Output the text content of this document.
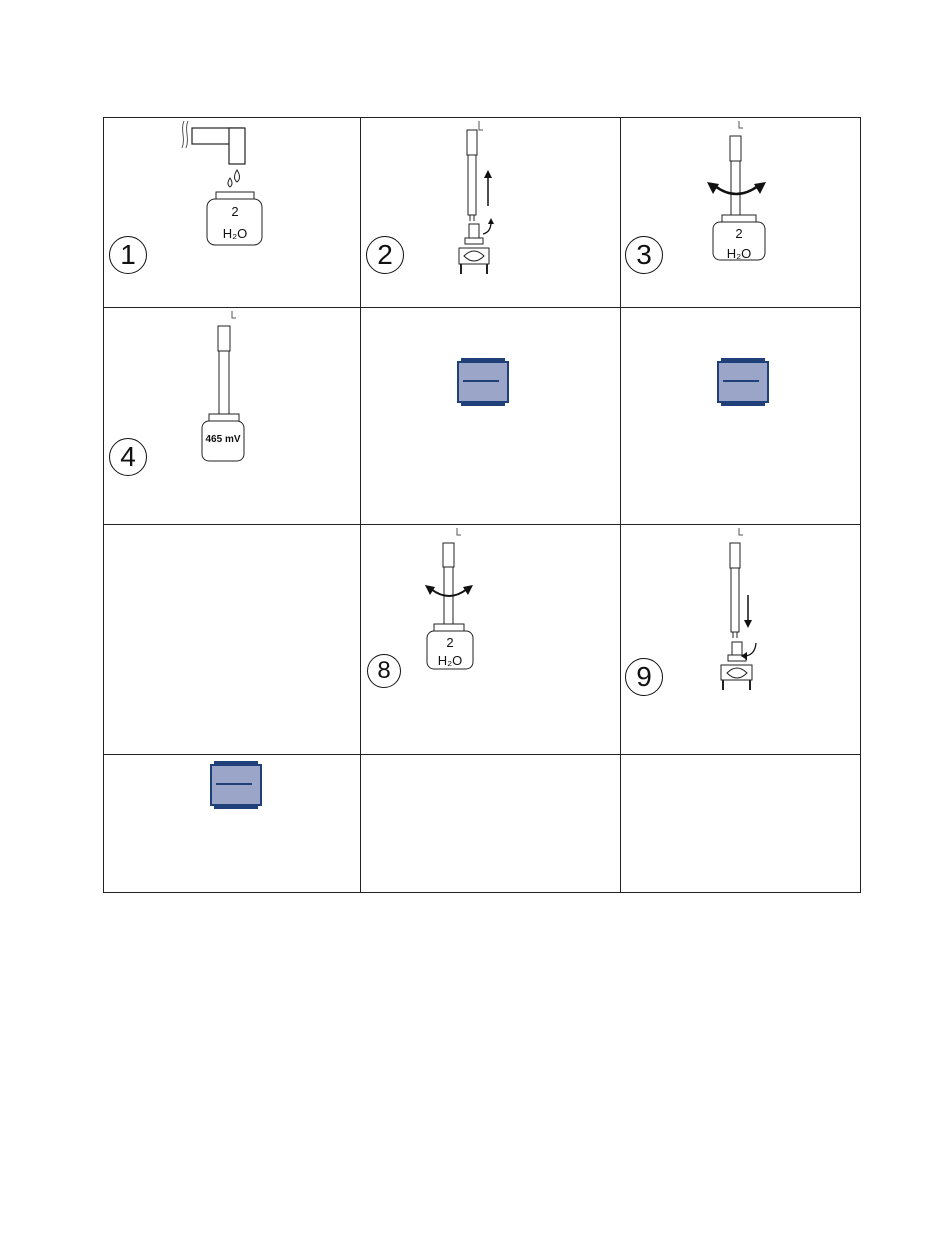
2
H₂O
1	2
2
H₂O
3
465 mV
4
2
H₂O
8	9
